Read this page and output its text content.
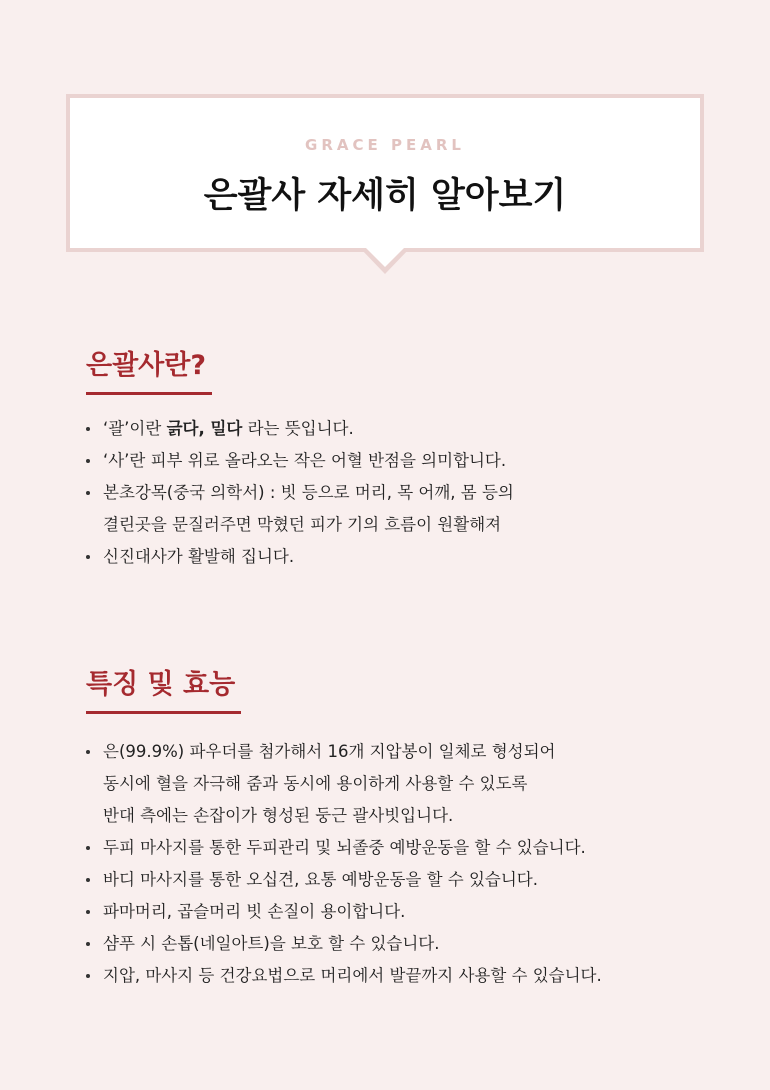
GRACE PEARL
은괄사 자세히 알아보기
은괄사란?
‘괄’이란 긁다, 밀다 라는 뜻입니다.
‘사’란 피부 위로 올라오는 작은 어혈 반점을 의미합니다.
본초강목(중국 의학서) : 빗 등으로 머리, 목 어깨, 몸 등의
결린곳을 문질러주면 막혔던 피가 기의 흐름이 원활해져
신진대사가 활발해 집니다.
특징 및 효능
은(99.9%) 파우더를 첨가해서 16개 지압봉이 일체로 형성되어
동시에 혈을 자극해 줌과 동시에 용이하게 사용할 수 있도록
반대 측에는 손잡이가 형성된 둥근 괄사빗입니다.
두피 마사지를 통한 두피관리 및 뇌졸중 예방운동을 할 수 있습니다.
바디 마사지를 통한 오십견, 요통 예방운동을 할 수 있습니다.
파마머리, 곱슬머리 빗 손질이 용이합니다.
샴푸 시 손톱(네일아트)을 보호 할 수 있습니다.
지압, 마사지 등 건강요법으로 머리에서 발끝까지 사용할 수 있습니다.
